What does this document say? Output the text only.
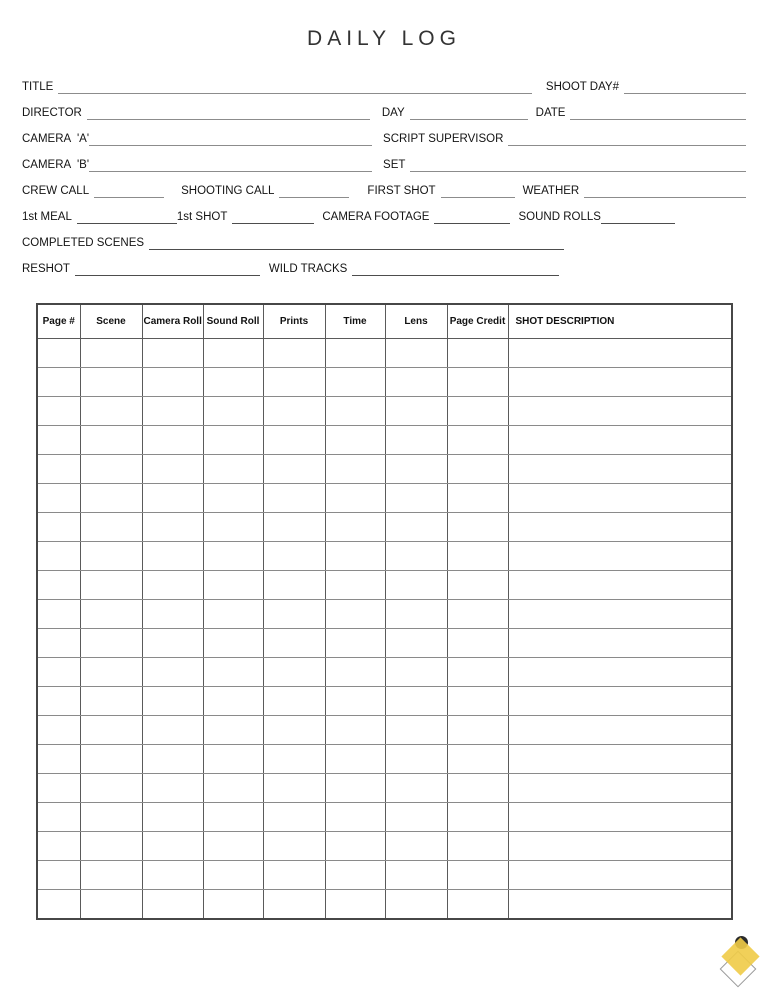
DAILY LOG
TITLE	SHOOT DAY#
DIRECTOR	DAY	DATE
CAMERA  'A'	SCRIPT SUPERVISOR
CAMERA  'B'	SET
CREW CALL	SHOOTING CALL	FIRST SHOT	WEATHER
1st MEAL	1st SHOT	CAMERA FOOTAGE	SOUND ROLLS
COMPLETED SCENES
RESHOT	WILD TRACKS
Page #	Scene	Camera Roll	Sound Roll	Prints	Time	Lens	Page Credit	SHOT DESCRIPTION
